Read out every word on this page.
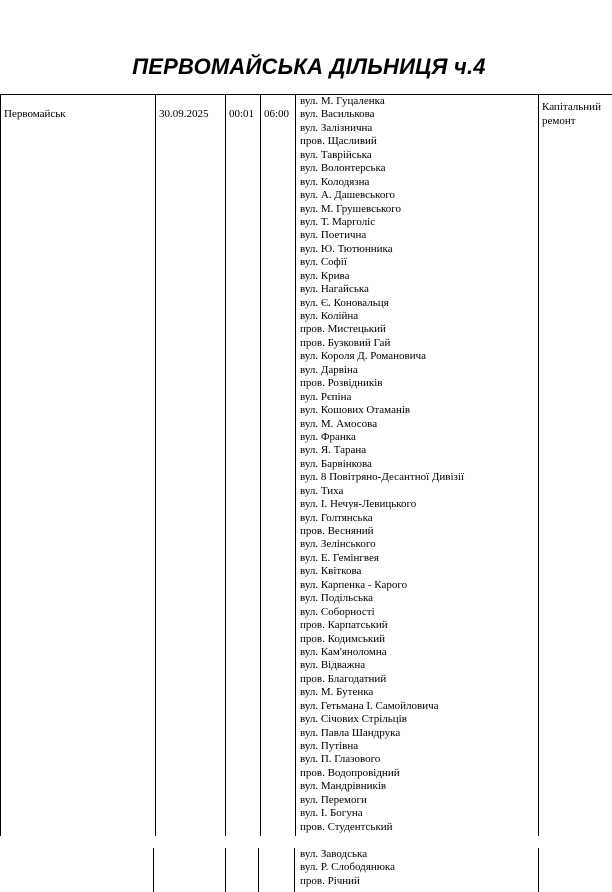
ПЕРВОМАЙСЬКА ДІЛЬНИЦЯ ч.4
Первомайськ	30.09.2025 00:01 06:00
Капітальний
ремонт
вул. М. Гуцаленка
вул. Василькова
вул. Залізнична
пров. Щасливий
вул. Таврійська
вул. Волонтерська
вул. Колодязна
вул. А. Дашевського
вул. М. Грушевського
вул. Т. Марголіс
вул. Поетична
вул. Ю. Тютюнника
вул. Софії
вул. Крива
вул. Нагайська
вул. Є. Коновальця
вул. Колійна
пров. Мистецький
пров. Бузковий Гай
вул. Короля Д. Романовича
вул. Дарвіна
пров. Розвідників
вул. Рєпіна
вул. Кошових Отаманів
вул. М. Амосова
вул. Франка
вул. Я. Тарана
вул. Барвінкова
вул. 8 Повітряно-Десантної Дивізії
вул. Тиха
вул. І. Нечуя-Левицького
вул. Голтянська
пров. Весняний
вул. Зелінського
вул. Е. Гемінгвея
вул. Квіткова
вул. Карпенка - Карого
вул. Подільська
вул. Соборності
пров. Карпатський
пров. Кодимський
вул. Кам'яноломна
вул. Відважна
пров. Благодатний
вул. М. Бутенка
вул. Гетьмана І. Самойловича
вул. Січових Стрільців
вул. Павла Шандрука
вул. Путівна
вул. П. Глазового
пров. Водопровідний
вул. Мандрівників
вул. Перемоги
вул. І. Богуна
пров. Студентський
вул. Заводська
вул. Р. Слободянюка
пров. Річний
